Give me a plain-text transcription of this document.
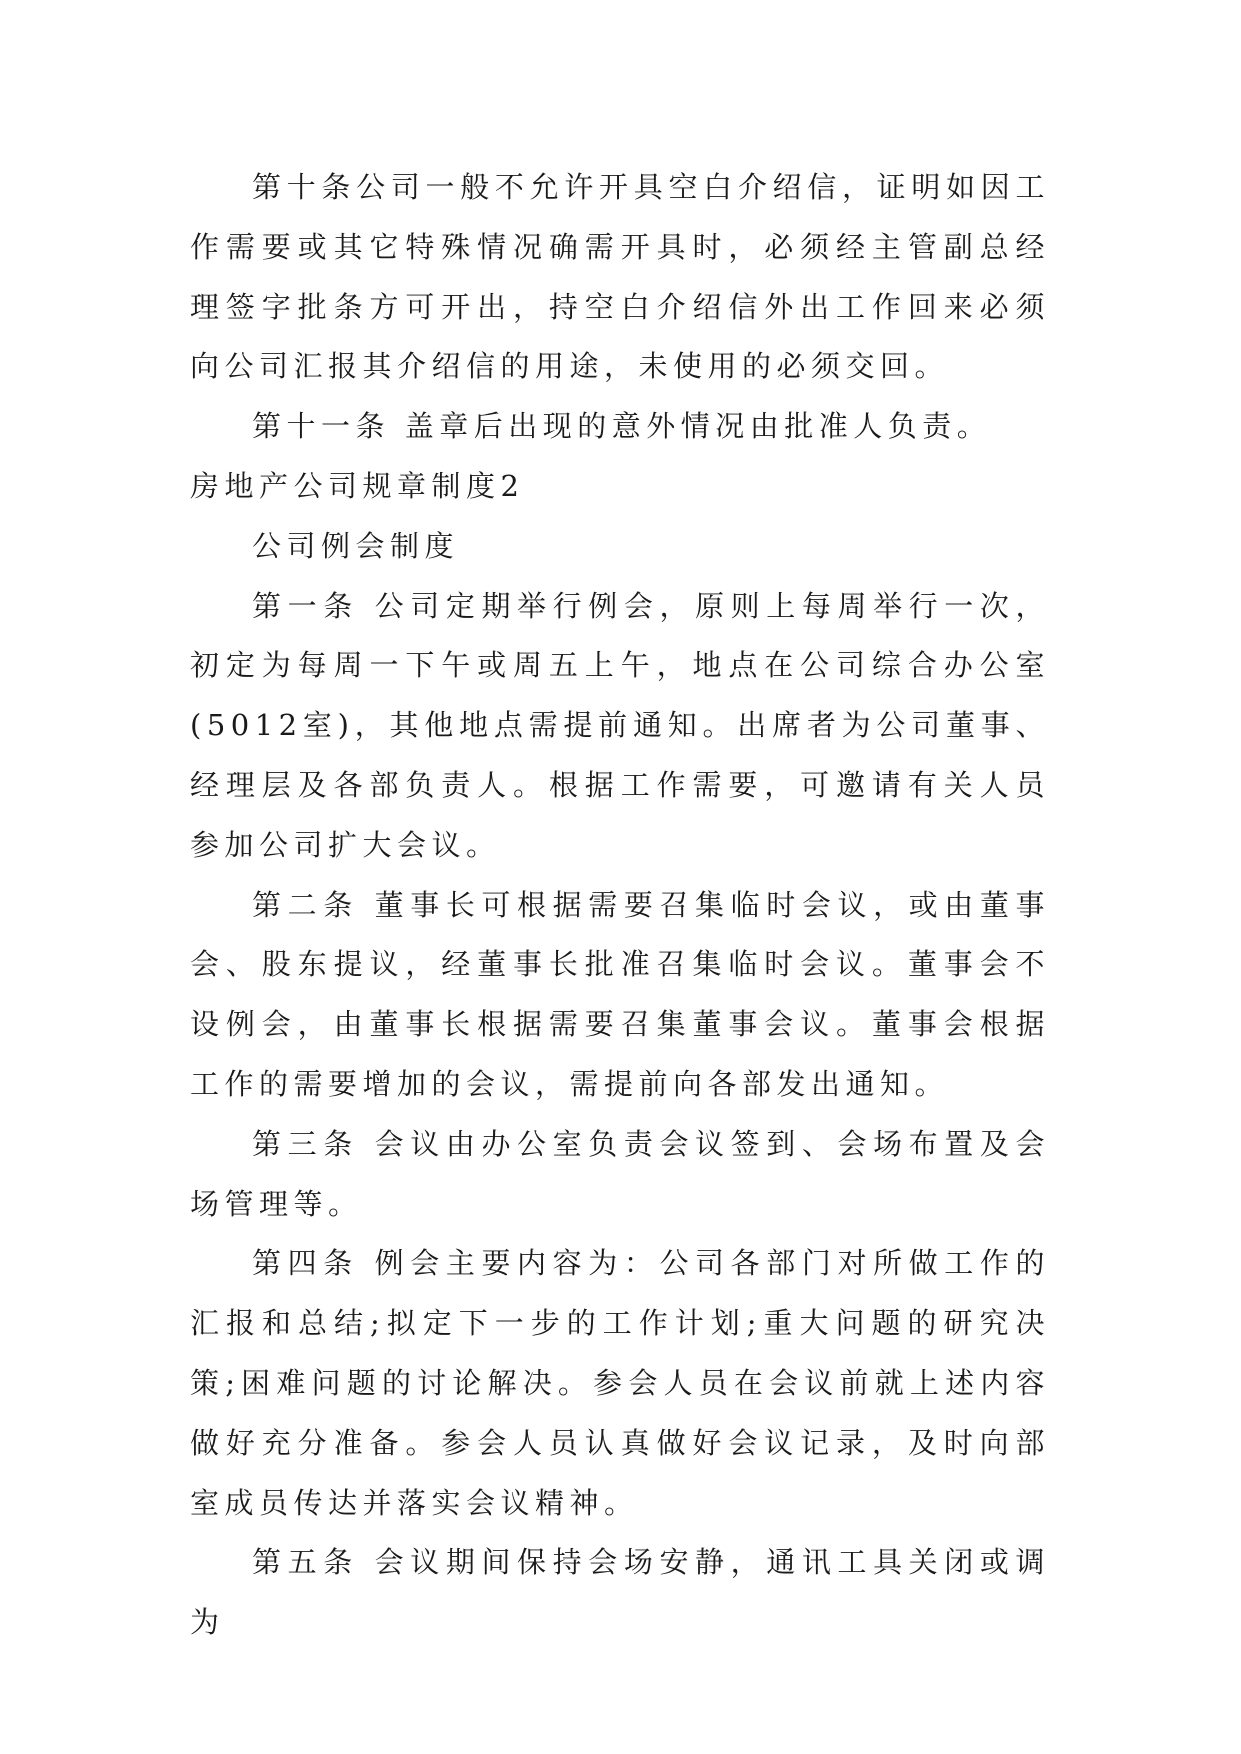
第十条公司一般不允许开具空白介绍信，证明如因工作需要或其它特殊情况确需开具时，必须经主管副总经理签字批条方可开出，持空白介绍信外出工作回来必须向公司汇报其介绍信的用途，未使用的必须交回。

第十一条 盖章后出现的意外情况由批准人负责。

房地产公司规章制度2

公司例会制度

第一条 公司定期举行例会，原则上每周举行一次，初定为每周一下午或周五上午，地点在公司综合办公室(5012室)，其他地点需提前通知。出席者为公司董事、经理层及各部负责人。根据工作需要，可邀请有关人员参加公司扩大会议。

第二条 董事长可根据需要召集临时会议，或由董事会、股东提议，经董事长批准召集临时会议。董事会不设例会，由董事长根据需要召集董事会议。董事会根据工作的需要增加的会议，需提前向各部发出通知。

第三条 会议由办公室负责会议签到、会场布置及会场管理等。

第四条 例会主要内容为：公司各部门对所做工作的汇报和总结;拟定下一步的工作计划;重大问题的研究决策;困难问题的讨论解决。参会人员在会议前就上述内容做好充分准备。参会人员认真做好会议记录，及时向部室成员传达并落实会议精神。

第五条 会议期间保持会场安静，通讯工具关闭或调为
